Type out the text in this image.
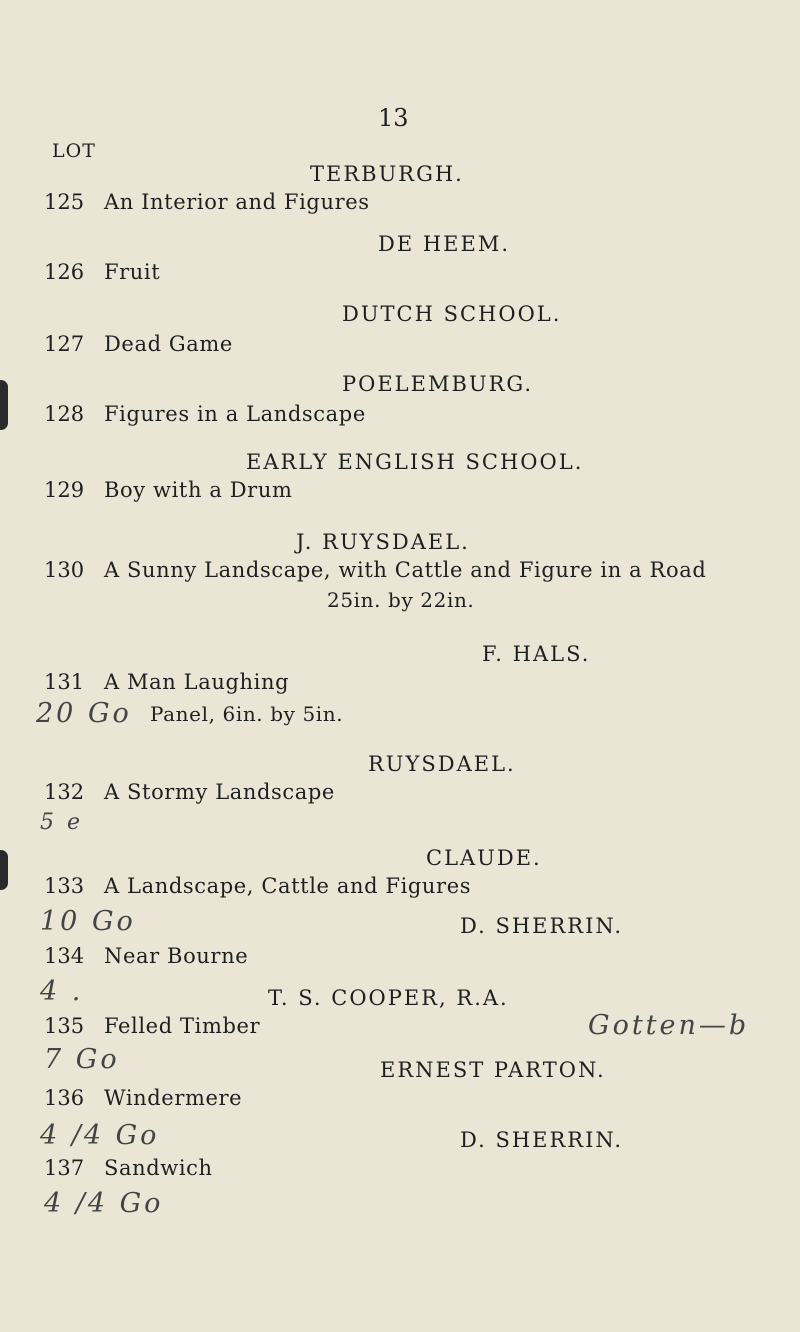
13
LOT
TERBURGH.
125 An Interior and Figures
DE HEEM.
126 Fruit
DUTCH SCHOOL.
127 Dead Game
POELEMBURG.
128 Figures in a Landscape
EARLY ENGLISH SCHOOL.
129 Boy with a Drum
J. RUYSDAEL.
130 A Sunny Landscape, with Cattle and Figure in a Road
25in. by 22in.
F. HALS.
131 A Man Laughing
20 Go Panel, 6in. by 5in.
RUYSDAEL.
132 A Stormy Landscape
5 e
CLAUDE.
133 A Landscape, Cattle and Figures
10 Go	D. SHERRIN.
134 Near Bourne
4 .	T. S. COOPER, R.A.
135 Felled Timber	Gotten—b
7 Go	ERNEST PARTON.
136 Windermere
4 /4 Go	D. SHERRIN.
137 Sandwich
4 /4 Go
